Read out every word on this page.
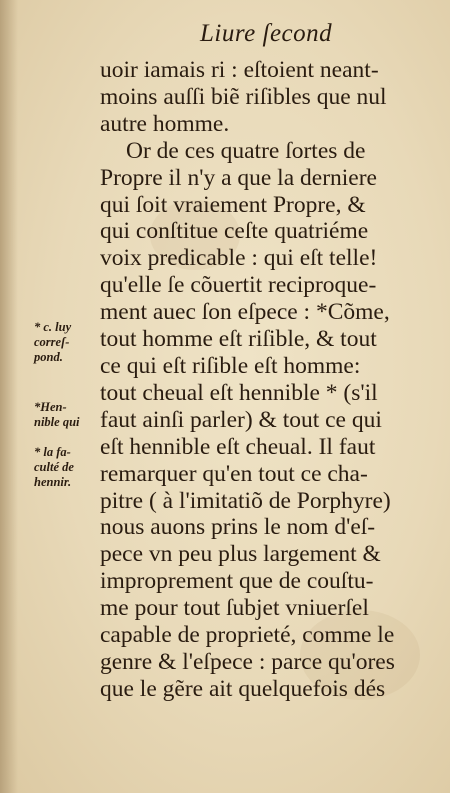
Liure ſecond
uoir iamais ri : eſtoient neant-
moins auſſi biẽ riſibles que nul
autre homme.
Or de ces quatre ſortes de
Propre il n'y a que la derniere
qui ſoit vraiement Propre, &
qui conſtitue ceſte quatriéme
voix predicable : qui eſt telle!
qu'elle ſe cõuertit reciproque-
ment auec ſon eſpece : *Cõme,
tout homme eſt riſible, & tout
ce qui eſt riſible eſt homme:
tout cheual eſt hennible * (s'il
faut ainſi parler) & tout ce qui
eſt hennible eſt cheual. Il faut
remarquer qu'en tout ce cha-
pitre ( à l'imitatiõ de Porphyre)
nous auons prins le nom d'eſ-
pece vn peu plus largement &
improprement que de couſtu-
me pour tout ſubjet vniuerſel
capable de proprieté, comme le
genre & l'eſpece : parce qu'ores
que le gẽre ait quelquefois dés
* c. luy
correſ-
pond.
*Hen-
nible qui
* la fa-
culté de
hennir.
